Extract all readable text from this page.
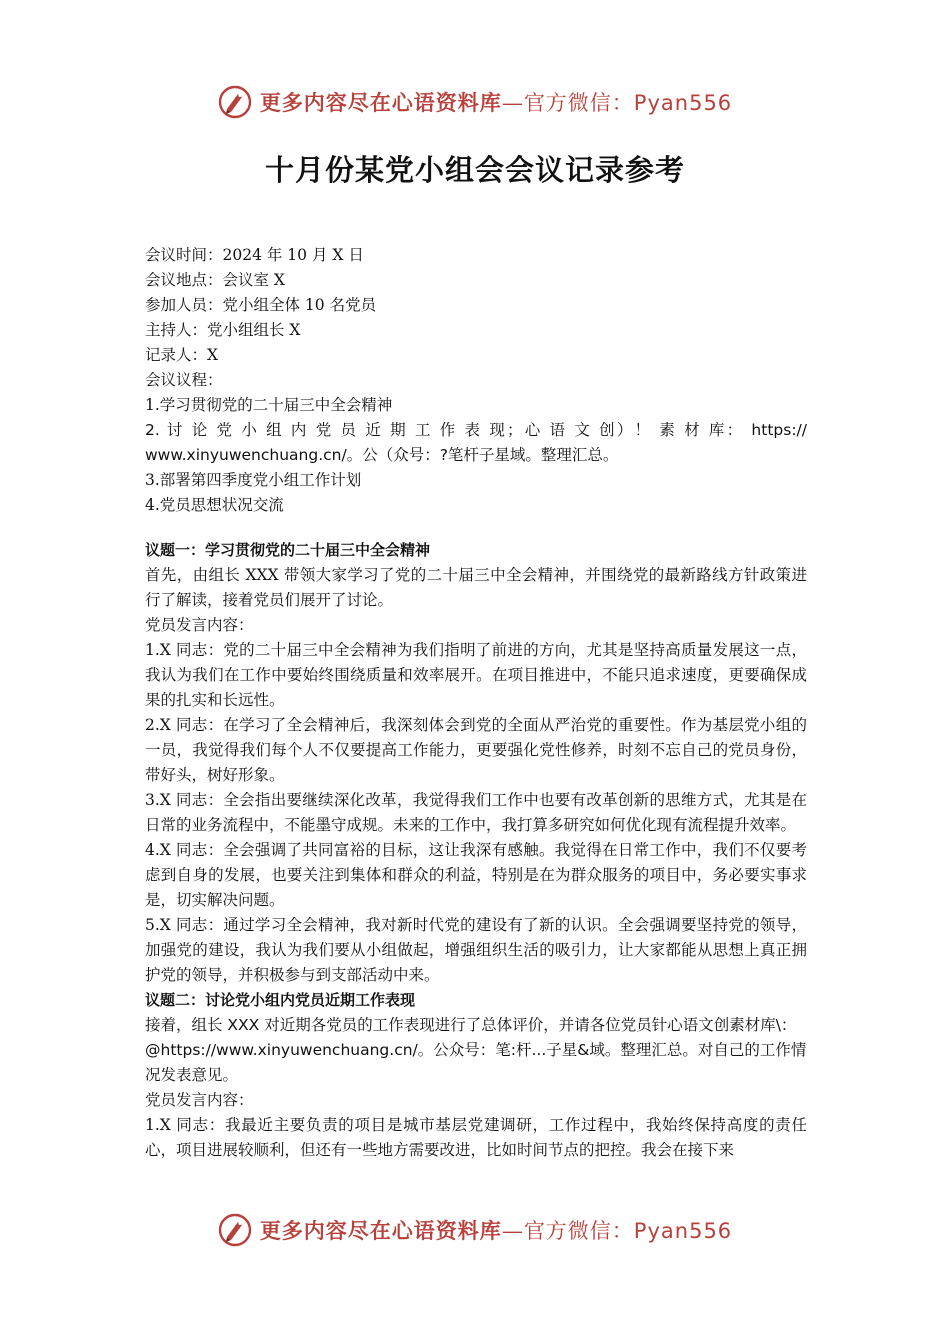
更多内容尽在心语资料库—官方微信：Pyan556
十月份某党小组会会议记录参考
会议时间：2024 年 10 月 X 日
会议地点：会议室 X
参加人员：党小组全体 10 名党员
主持人：党小组组长 X
记录人：X
会议议程：
1.学习贯彻党的二十届三中全会精神
2. 讨 论 党 小 组 内 党 员 近 期 工 作 表 现；心 语 文 创）！ 素 材 库： https://
www.xinyuwenchuang.cn/。公（众号：?笔杆子星域。整理汇总。
3.部署第四季度党小组工作计划
4.党员思想状况交流
议题一：学习贯彻党的二十届三中全会精神
首先，由组长 XXX 带领大家学习了党的二十届三中全会精神，并围绕党的最新路线方针政策进行了解读，接着党员们展开了讨论。
党员发言内容：
1.X 同志：党的二十届三中全会精神为我们指明了前进的方向，尤其是坚持高质量发展这一点，我认为我们在工作中要始终围绕质量和效率展开。在项目推进中，不能只追求速度，更要确保成果的扎实和长远性。
2.X 同志：在学习了全会精神后，我深刻体会到党的全面从严治党的重要性。作为基层党小组的一员，我觉得我们每个人不仅要提高工作能力，更要强化党性修养，时刻不忘自己的党员身份，带好头，树好形象。
3.X 同志：全会指出要继续深化改革，我觉得我们工作中也要有改革创新的思维方式，尤其是在日常的业务流程中，不能墨守成规。未来的工作中，我打算多研究如何优化现有流程提升效率。
4.X 同志：全会强调了共同富裕的目标，这让我深有感触。我觉得在日常工作中，我们不仅要考虑到自身的发展，也要关注到集体和群众的利益，特别是在为群众服务的项目中，务必要实事求是，切实解决问题。
5.X 同志：通过学习全会精神，我对新时代党的建设有了新的认识。全会强调要坚持党的领导，加强党的建设，我认为我们要从小组做起，增强组织生活的吸引力，让大家都能从思想上真正拥护党的领导，并积极参与到支部活动中来。
议题二：讨论党小组内党员近期工作表现
接着，组长 XXX 对近期各党员的工作表现进行了总体评价，并请各位党员针心语文创素材库\：@https://www.xinyuwenchuang.cn/。公众号：笔:杆...子星&域。整理汇总。对自己的工作情况发表意见。
党员发言内容：
1.X 同志：我最近主要负责的项目是城市基层党建调研，工作过程中，我始终保持高度的责任心，项目进展较顺利，但还有一些地方需要改进，比如时间节点的把控。我会在接下来
更多内容尽在心语资料库—官方微信：Pyan556
